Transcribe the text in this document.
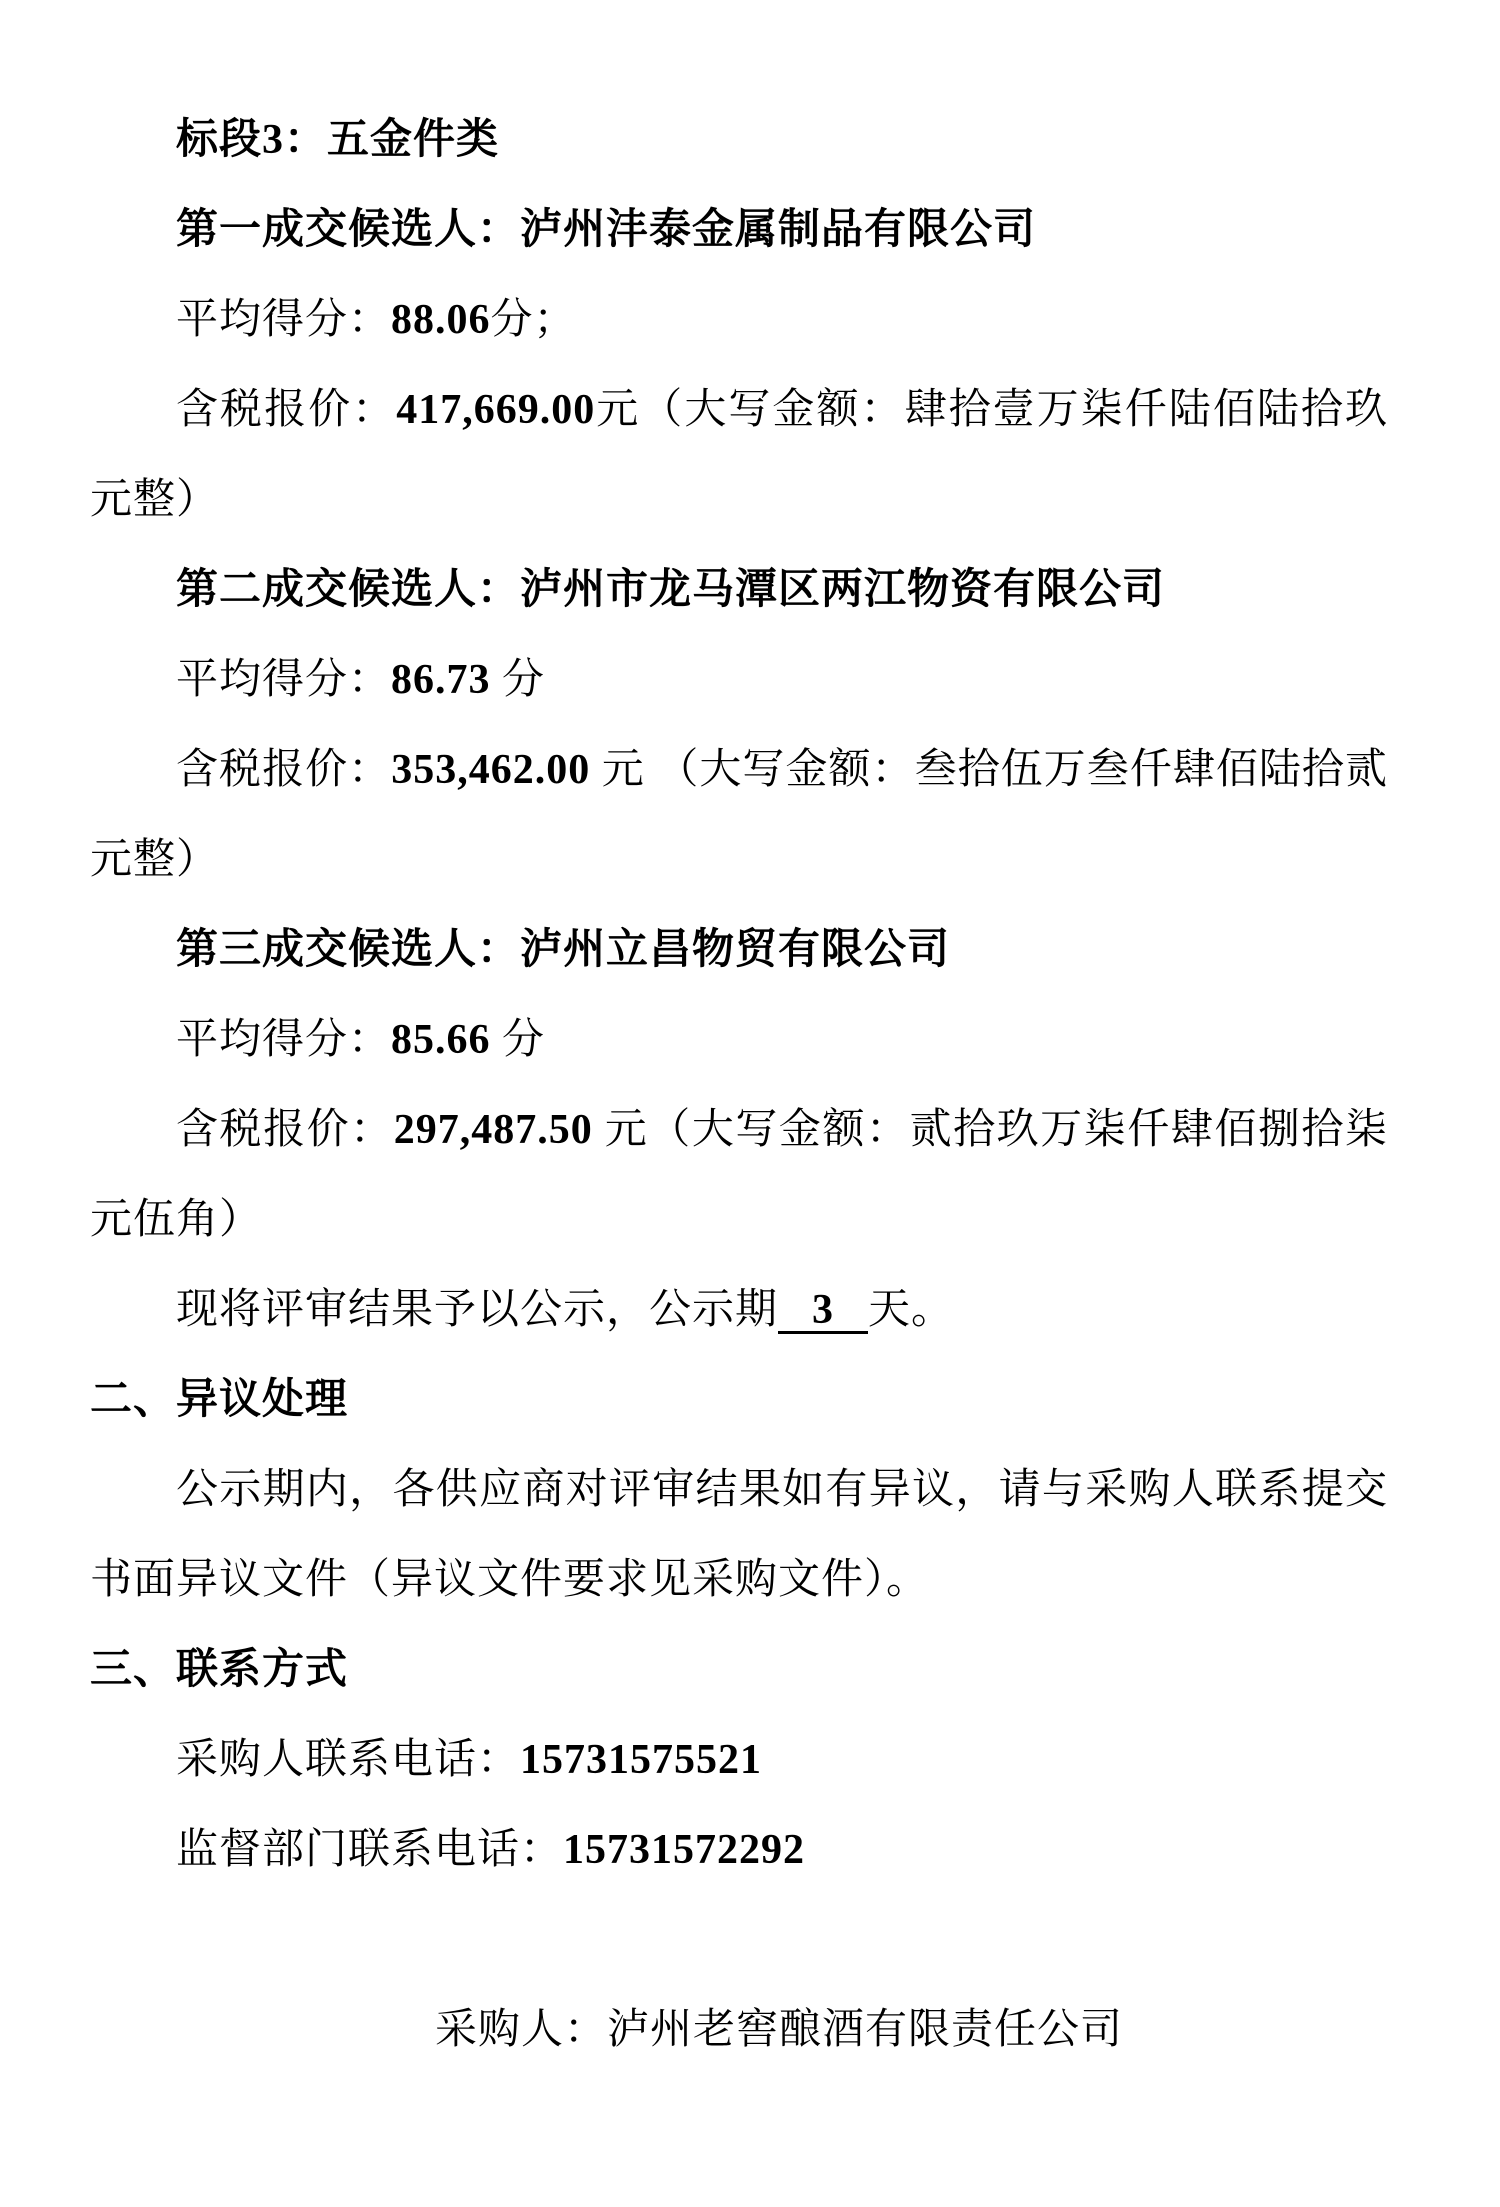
标段3：五金件类

第一成交候选人：泸州沣泰金属制品有限公司

平均得分：88.06分；

含税报价：417,669.00元（大写金额：肆拾壹万柒仟陆佰陆拾玖元整）

第二成交候选人：泸州市龙马潭区两江物资有限公司

平均得分：86.73 分

含税报价：353,462.00 元 （大写金额：叁拾伍万叁仟肆佰陆拾贰元整）

第三成交候选人：泸州立昌物贸有限公司

平均得分：85.66 分

含税报价：297,487.50 元（大写金额：贰拾玖万柒仟肆佰捌拾柒元伍角）

现将评审结果予以公示，公示期 3 天。

二、异议处理

公示期内，各供应商对评审结果如有异议，请与采购人联系提交书面异议文件（异议文件要求见采购文件）。

三、联系方式

采购人联系电话：15731575521

监督部门联系电话：15731572292

采购人：泸州老窖酿酒有限责任公司
